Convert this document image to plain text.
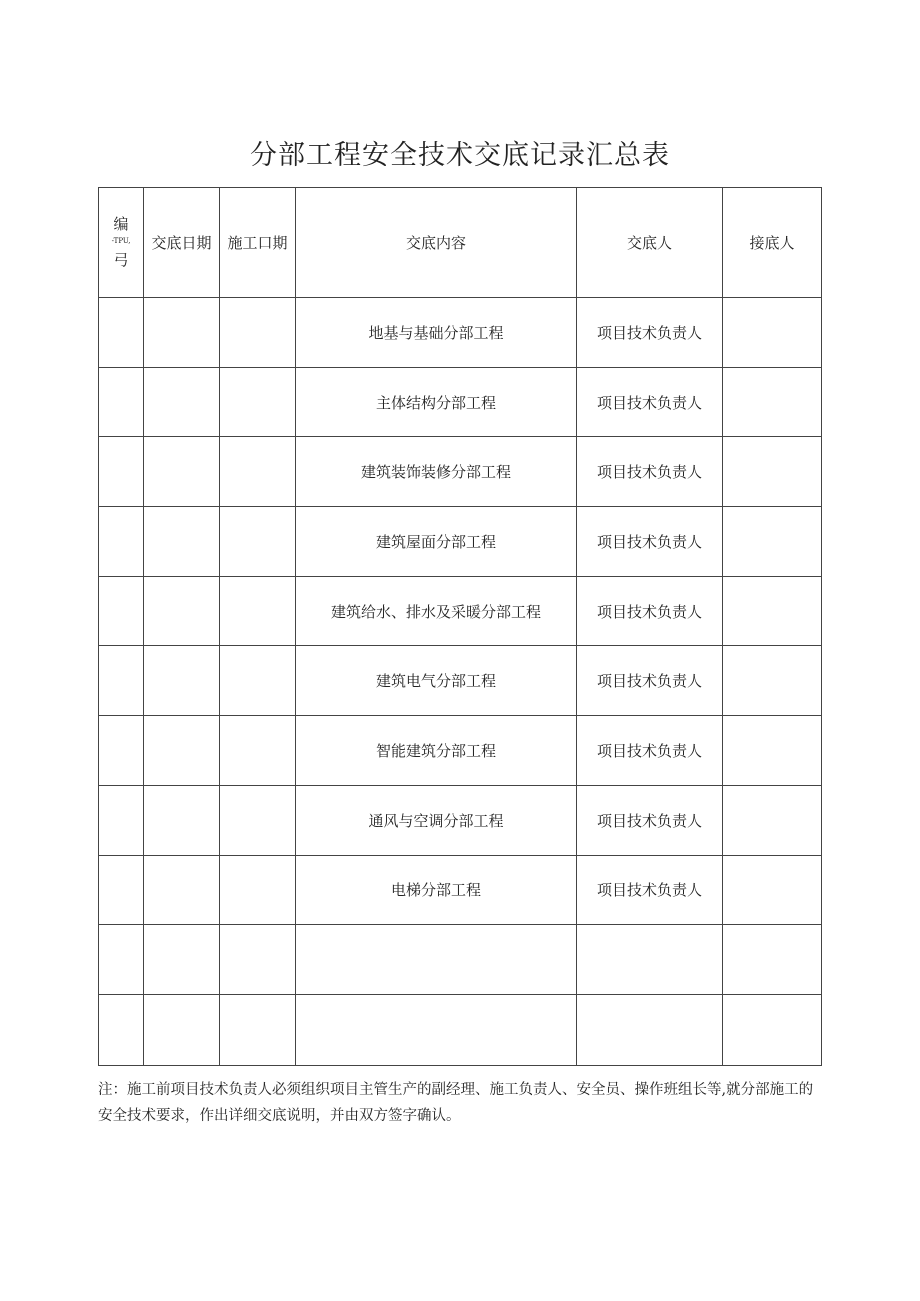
分部工程安全技术交底记录汇总表
编
-TPU,
弓	交底日期	施工口期	交底内容	交底人	接底人
			地基与基础分部工程	项目技术负责人	
			主体结构分部工程	项目技术负责人	
			建筑装饰装修分部工程	项目技术负责人	
			建筑屋面分部工程	项目技术负责人	
			建筑给水、排水及采暖分部工程	项目技术负责人	
			建筑电气分部工程	项目技术负责人	
			智能建筑分部工程	项目技术负责人	
			通风与空调分部工程	项目技术负责人	
			电梯分部工程	项目技术负责人	

注：施工前项目技术负责人必须组织项目主管生产的副经理、施工负责人、安全员、操作班组长等,就分部施工的安全技术要求，作出详细交底说明，并由双方签字确认。
